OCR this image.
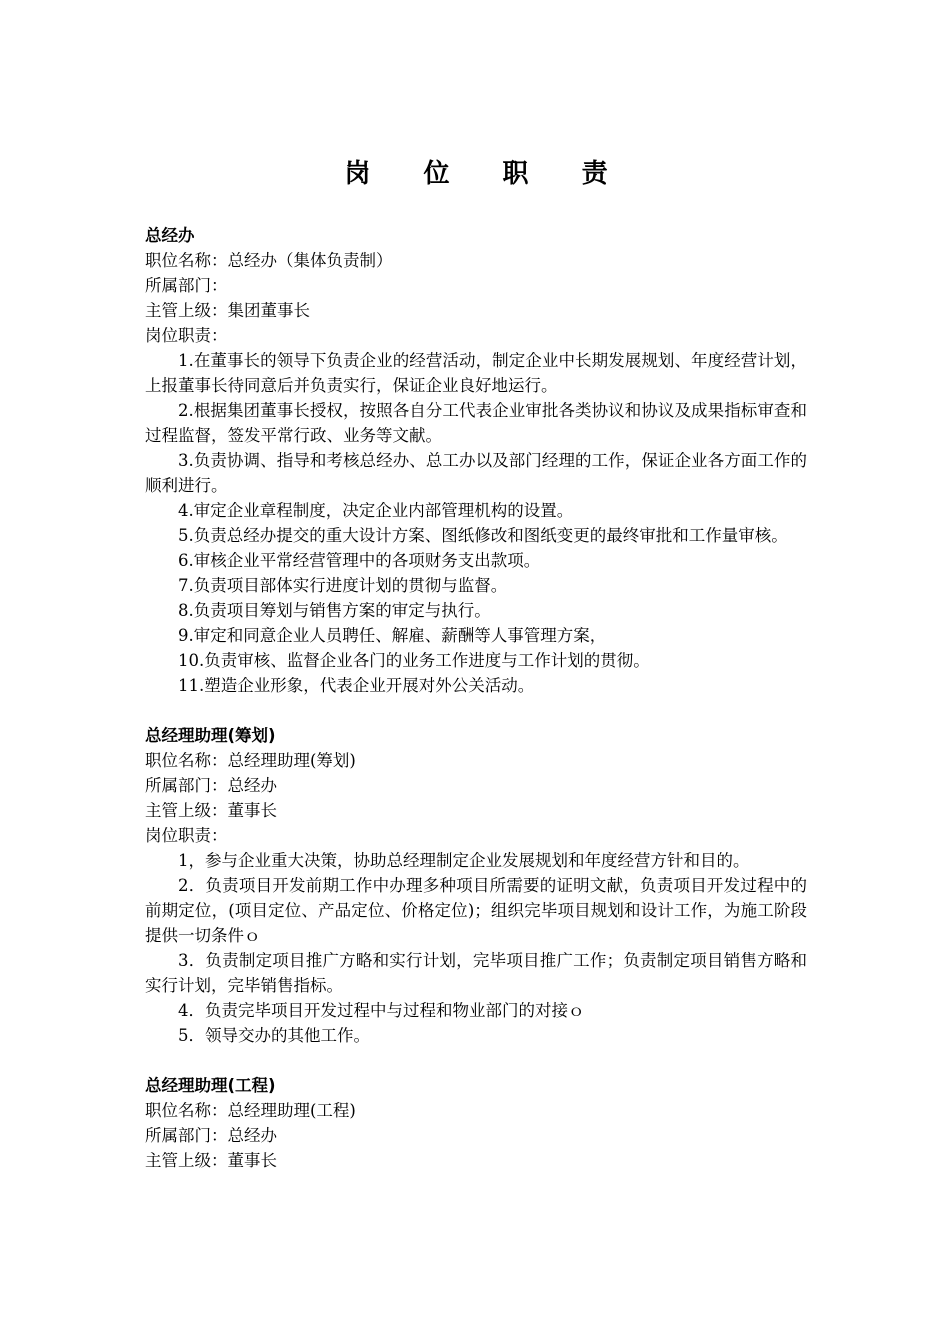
岗 位 职 责

总经办

职位名称：总经办（集体负责制）

所属部门：

主管上级：集团董事长

岗位职责：

1.在董事长的领导下负责企业的经营活动，制定企业中长期发展规划、年度经营计划，上报董事长待同意后并负责实行，保证企业良好地运行。

2.根据集团董事长授权，按照各自分工代表企业审批各类协议和协议及成果指标审查和过程监督，签发平常行政、业务等文献。

3.负责协调、指导和考核总经办、总工办以及部门经理的工作，保证企业各方面工作的顺利进行。

4.审定企业章程制度，决定企业内部管理机构的设置。

5.负责总经办提交的重大设计方案、图纸修改和图纸变更的最终审批和工作量审核。

6.审核企业平常经营管理中的各项财务支出款项。

7.负责项目部体实行进度计划的贯彻与监督。

8.负责项目筹划与销售方案的审定与执行。

9.审定和同意企业人员聘任、解雇、薪酬等人事管理方案，

10.负责审核、监督企业各门的业务工作进度与工作计划的贯彻。

11.塑造企业形象，代表企业开展对外公关活动。

总经理助理(筹划)

职位名称：总经理助理(筹划)

所属部门：总经办

主管上级：董事长

岗位职责：

1，参与企业重大决策，协助总经理制定企业发展规划和年度经营方针和目的。

2．负责项目开发前期工作中办理多种项目所需要的证明文献，负责项目开发过程中的前期定位，(项目定位、产品定位、价格定位)；组织完毕项目规划和设计工作，为施工阶段提供一切条件ｏ

3．负责制定项目推广方略和实行计划，完毕项目推广工作；负责制定项目销售方略和实行计划，完毕销售指标。

4．负责完毕项目开发过程中与过程和物业部门的对接ｏ

5．领导交办的其他工作。

总经理助理(工程)

职位名称：总经理助理(工程)

所属部门：总经办

主管上级：董事长
